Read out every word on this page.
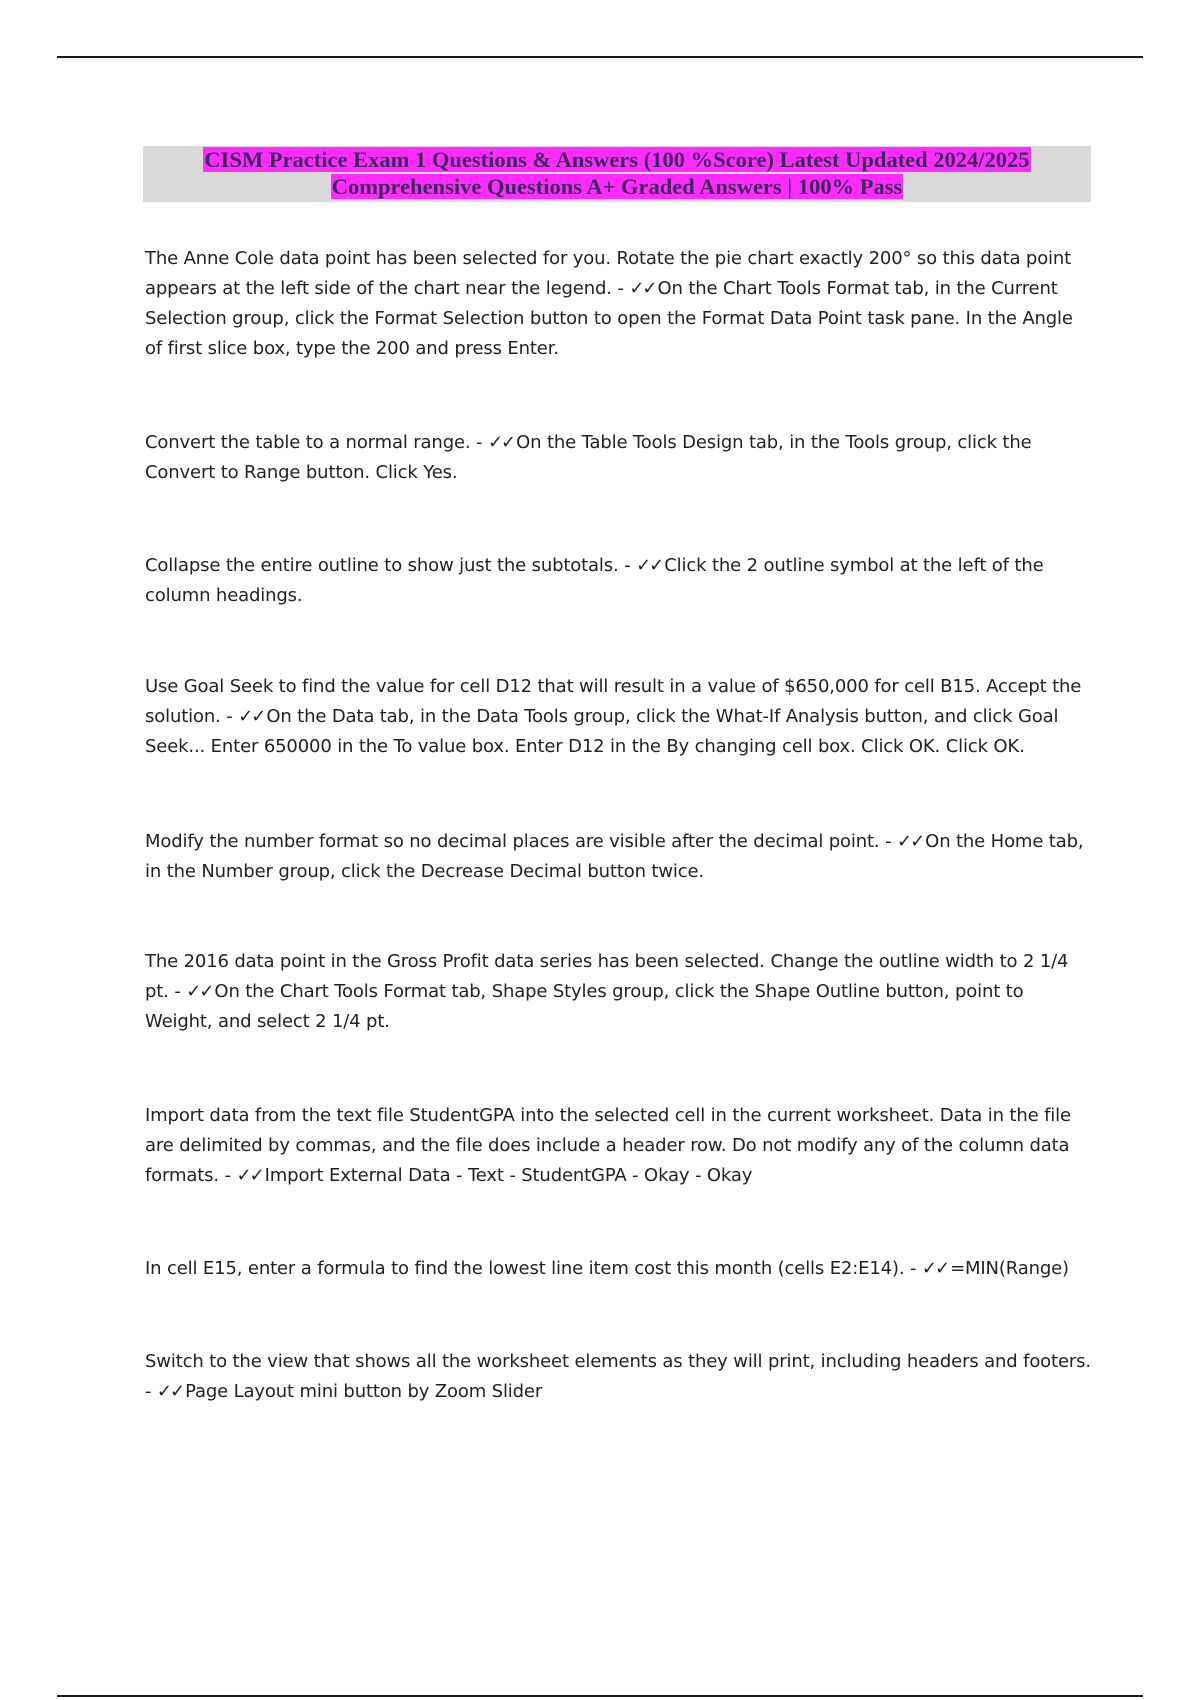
CISM Practice Exam 1 Questions & Answers (100 %Score) Latest Updated 2024/2025
Comprehensive Questions A+ Graded Answers | 100% Pass
The Anne Cole data point has been selected for you. Rotate the pie chart exactly 200° so this data point appears at the left side of the chart near the legend. - ✓✓ On the Chart Tools Format tab, in the Current Selection group, click the Format Selection button to open the Format Data Point task pane. In the Angle of first slice box, type the 200 and press Enter.
Convert the table to a normal range. - ✓✓ On the Table Tools Design tab, in the Tools group, click the Convert to Range button. Click Yes.
Collapse the entire outline to show just the subtotals. - ✓✓ Click the 2 outline symbol at the left of the column headings.
Use Goal Seek to find the value for cell D12 that will result in a value of $650,000 for cell B15. Accept the solution. - ✓✓ On the Data tab, in the Data Tools group, click the What-If Analysis button, and click Goal Seek... Enter 650000 in the To value box. Enter D12 in the By changing cell box. Click OK. Click OK.
Modify the number format so no decimal places are visible after the decimal point. - ✓✓ On the Home tab, in the Number group, click the Decrease Decimal button twice.
The 2016 data point in the Gross Profit data series has been selected. Change the outline width to 2 1/4 pt. - ✓✓ On the Chart Tools Format tab, Shape Styles group, click the Shape Outline button, point to Weight, and select 2 1/4 pt.
Import data from the text file StudentGPA into the selected cell in the current worksheet. Data in the file are delimited by commas, and the file does include a header row. Do not modify any of the column data formats. - ✓✓ Import External Data - Text - StudentGPA - Okay - Okay
In cell E15, enter a formula to find the lowest line item cost this month (cells E2:E14). - ✓✓ =MIN(Range)
Switch to the view that shows all the worksheet elements as they will print, including headers and footers. - ✓✓ Page Layout mini button by Zoom Slider
